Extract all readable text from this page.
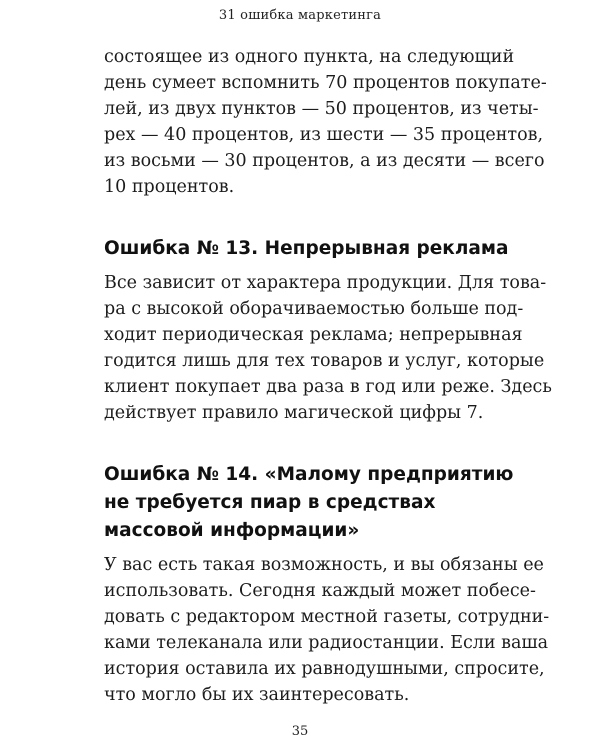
31 ошибка маркетинга
состоящее из одного пункта, на следующий
день сумеет вспомнить 70 процентов покупате-
лей, из двух пунктов — 50 процентов, из четы-
рех — 40 процентов, из шести — 35 процентов,
из восьми — 30 процентов, а из десяти — всего
10 процентов.
Ошибка № 13. Непрерывная реклама
Все зависит от характера продукции. Для това-
ра с высокой оборачиваемостью больше под-
ходит периодическая реклама; непрерывная
годится лишь для тех товаров и услуг, которые
клиент покупает два раза в год или реже. Здесь
действует правило магической цифры 7.
Ошибка № 14. «Малому предприятию
не требуется пиар в средствах
массовой информации»
У вас есть такая возможность, и вы обязаны ее
использовать. Сегодня каждый может побесе-
довать с редактором местной газеты, сотрудни-
ками телеканала или радиостанции. Если ваша
история оставила их равнодушными, спросите,
что могло бы их заинтересовать.
35
